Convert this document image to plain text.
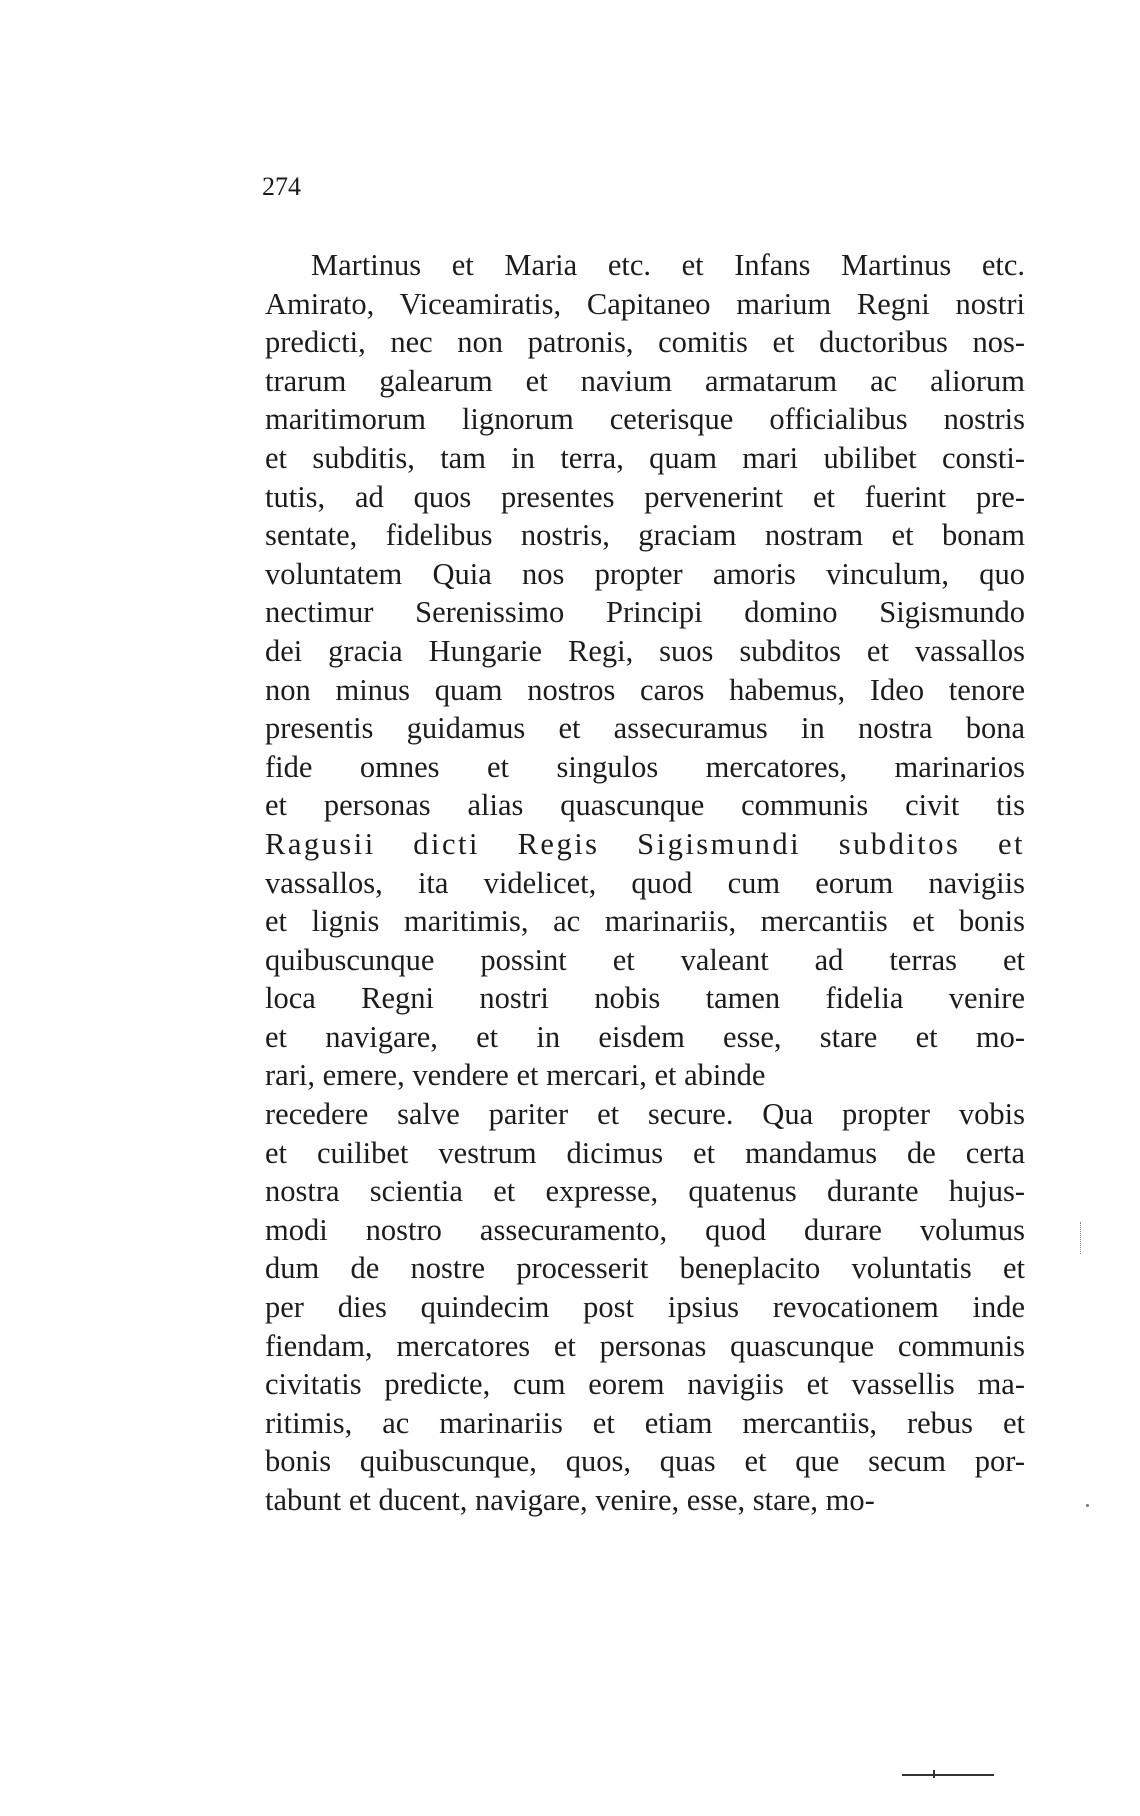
274
Martinus et Maria etc. et Infans Martinus etc.
Amirato, Viceamiratis, Capitaneo marium Regni nostri
predicti, nec non patronis, comitis et ductoribus nos-
trarum galearum et navium armatarum ac aliorum
maritimorum lignorum ceterisque officialibus nostris
et subditis, tam in terra, quam mari ubilibet consti-
tutis, ad quos presentes pervenerint et fuerint pre-
sentate, fidelibus nostris, graciam nostram et bonam
voluntatem Quia nos propter amoris vinculum, quo
nectimur Serenissimo Principi domino Sigismundo
dei gracia Hungarie Regi, suos subditos et vassallos
non minus quam nostros caros habemus, Ideo tenore
presentis guidamus et assecuramus in nostra bona
fide omnes et singulos mercatores, marinarios
et personas alias quascunque communis civit tis
Ragusii dicti Regis Sigismundi subditos et
vassallos, ita videlicet, quod cum eorum navigiis
et lignis maritimis, ac marinariis, mercantiis et bonis
quibuscunque possint et valeant ad terras et
loca Regni nostri nobis tamen fidelia venire
et navigare, et in eisdem esse, stare et mo-
rari, emere, vendere et mercari, et abinde
recedere salve pariter et secure. Qua propter vobis
et cuilibet vestrum dicimus et mandamus de certa
nostra scientia et expresse, quatenus durante hujus-
modi nostro assecuramento, quod durare volumus
dum de nostre processerit beneplacito voluntatis et
per dies quindecim post ipsius revocationem inde
fiendam, mercatores et personas quascunque communis
civitatis predicte, cum eorem navigiis et vassellis ma-
ritimis, ac marinariis et etiam mercantiis, rebus et
bonis quibuscunque, quos, quas et que secum por-
tabunt et ducent, navigare, venire, esse, stare, mo-
